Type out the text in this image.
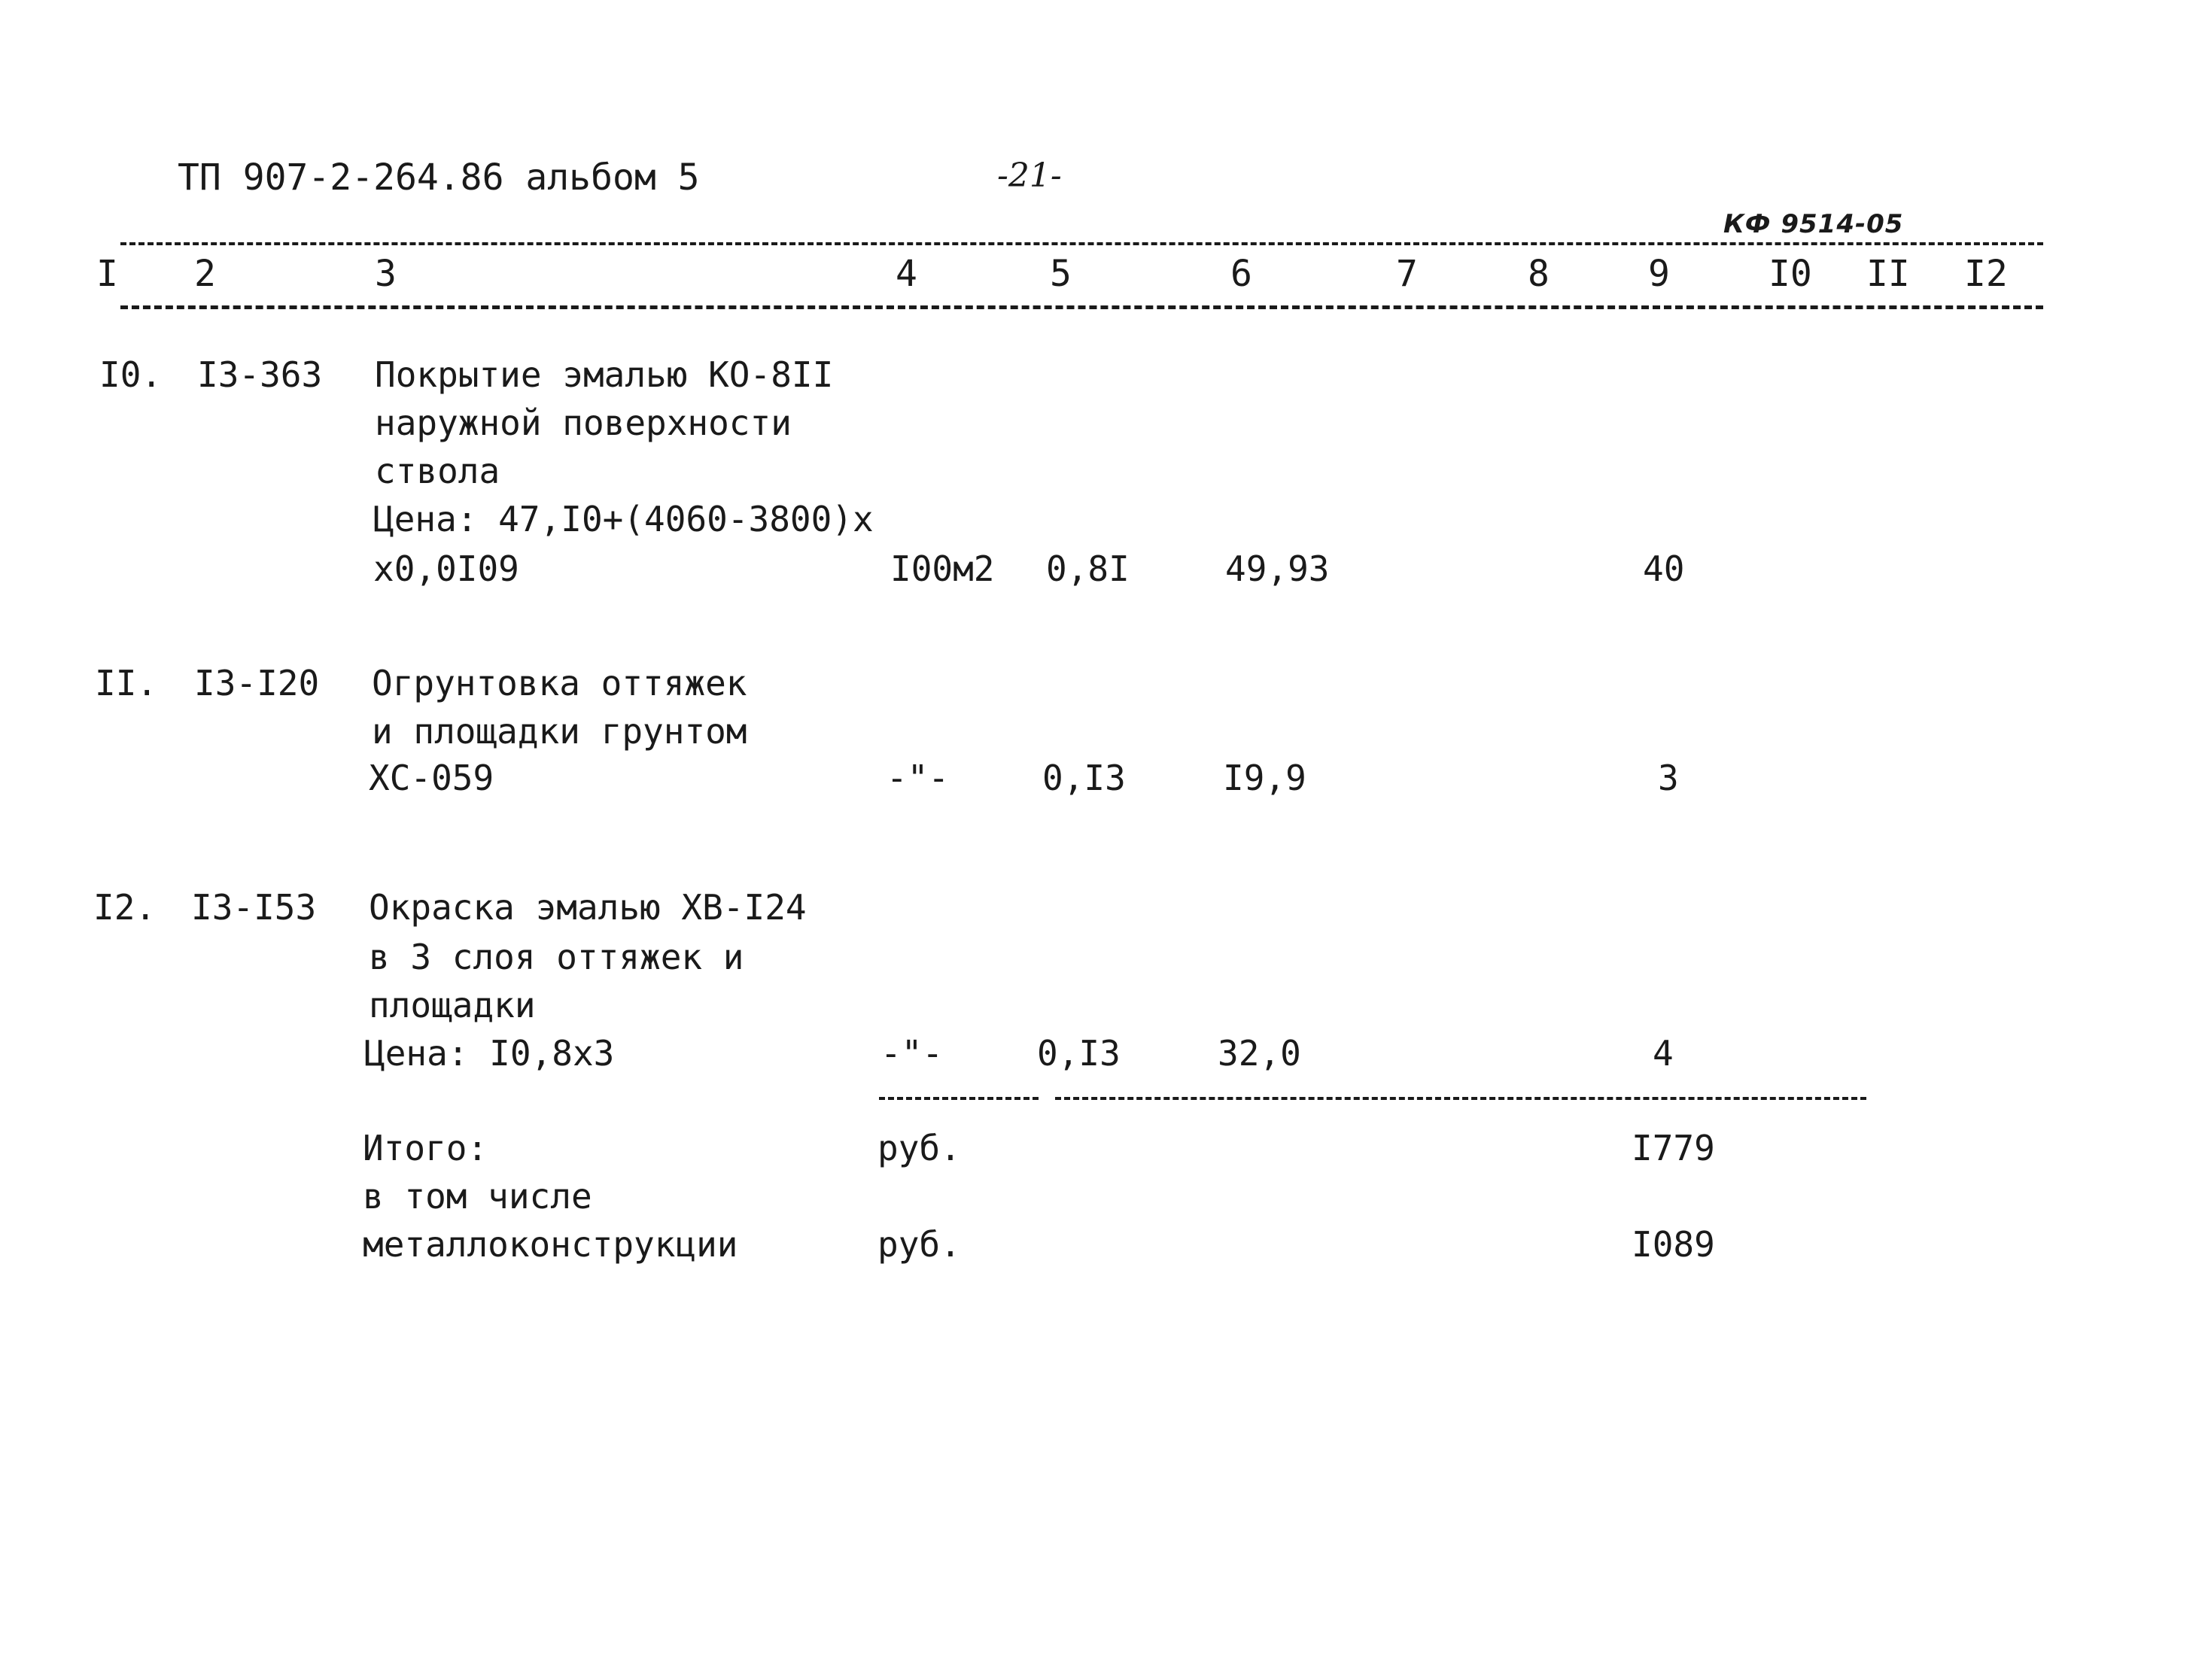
ТП 907-2-264.86 альбом 5	-21-
КФ 9514-05
I 2	3	4	5	6	7	8	9	I0 II I2
I0. I3-363 Покрытие эмалью КО-8II
наружной поверхности
ствола
Цена: 47,I0+(4060-3800)х
х0,0I09	I00м2 0,8I	49,93	40
II. I3-I20 Огрунтовка оттяжек
и площадки грунтом
ХС-059	-"-	0,I3	I9,9	3
I2. I3-I53 Окраска эмалью ХВ-I24
в 3 слоя оттяжек и
площадки
Цена: I0,8х3	-"-	0,I3	32,0	4
Итого:	руб.	I779
в том числе
металлоконструкции	руб.	I089
